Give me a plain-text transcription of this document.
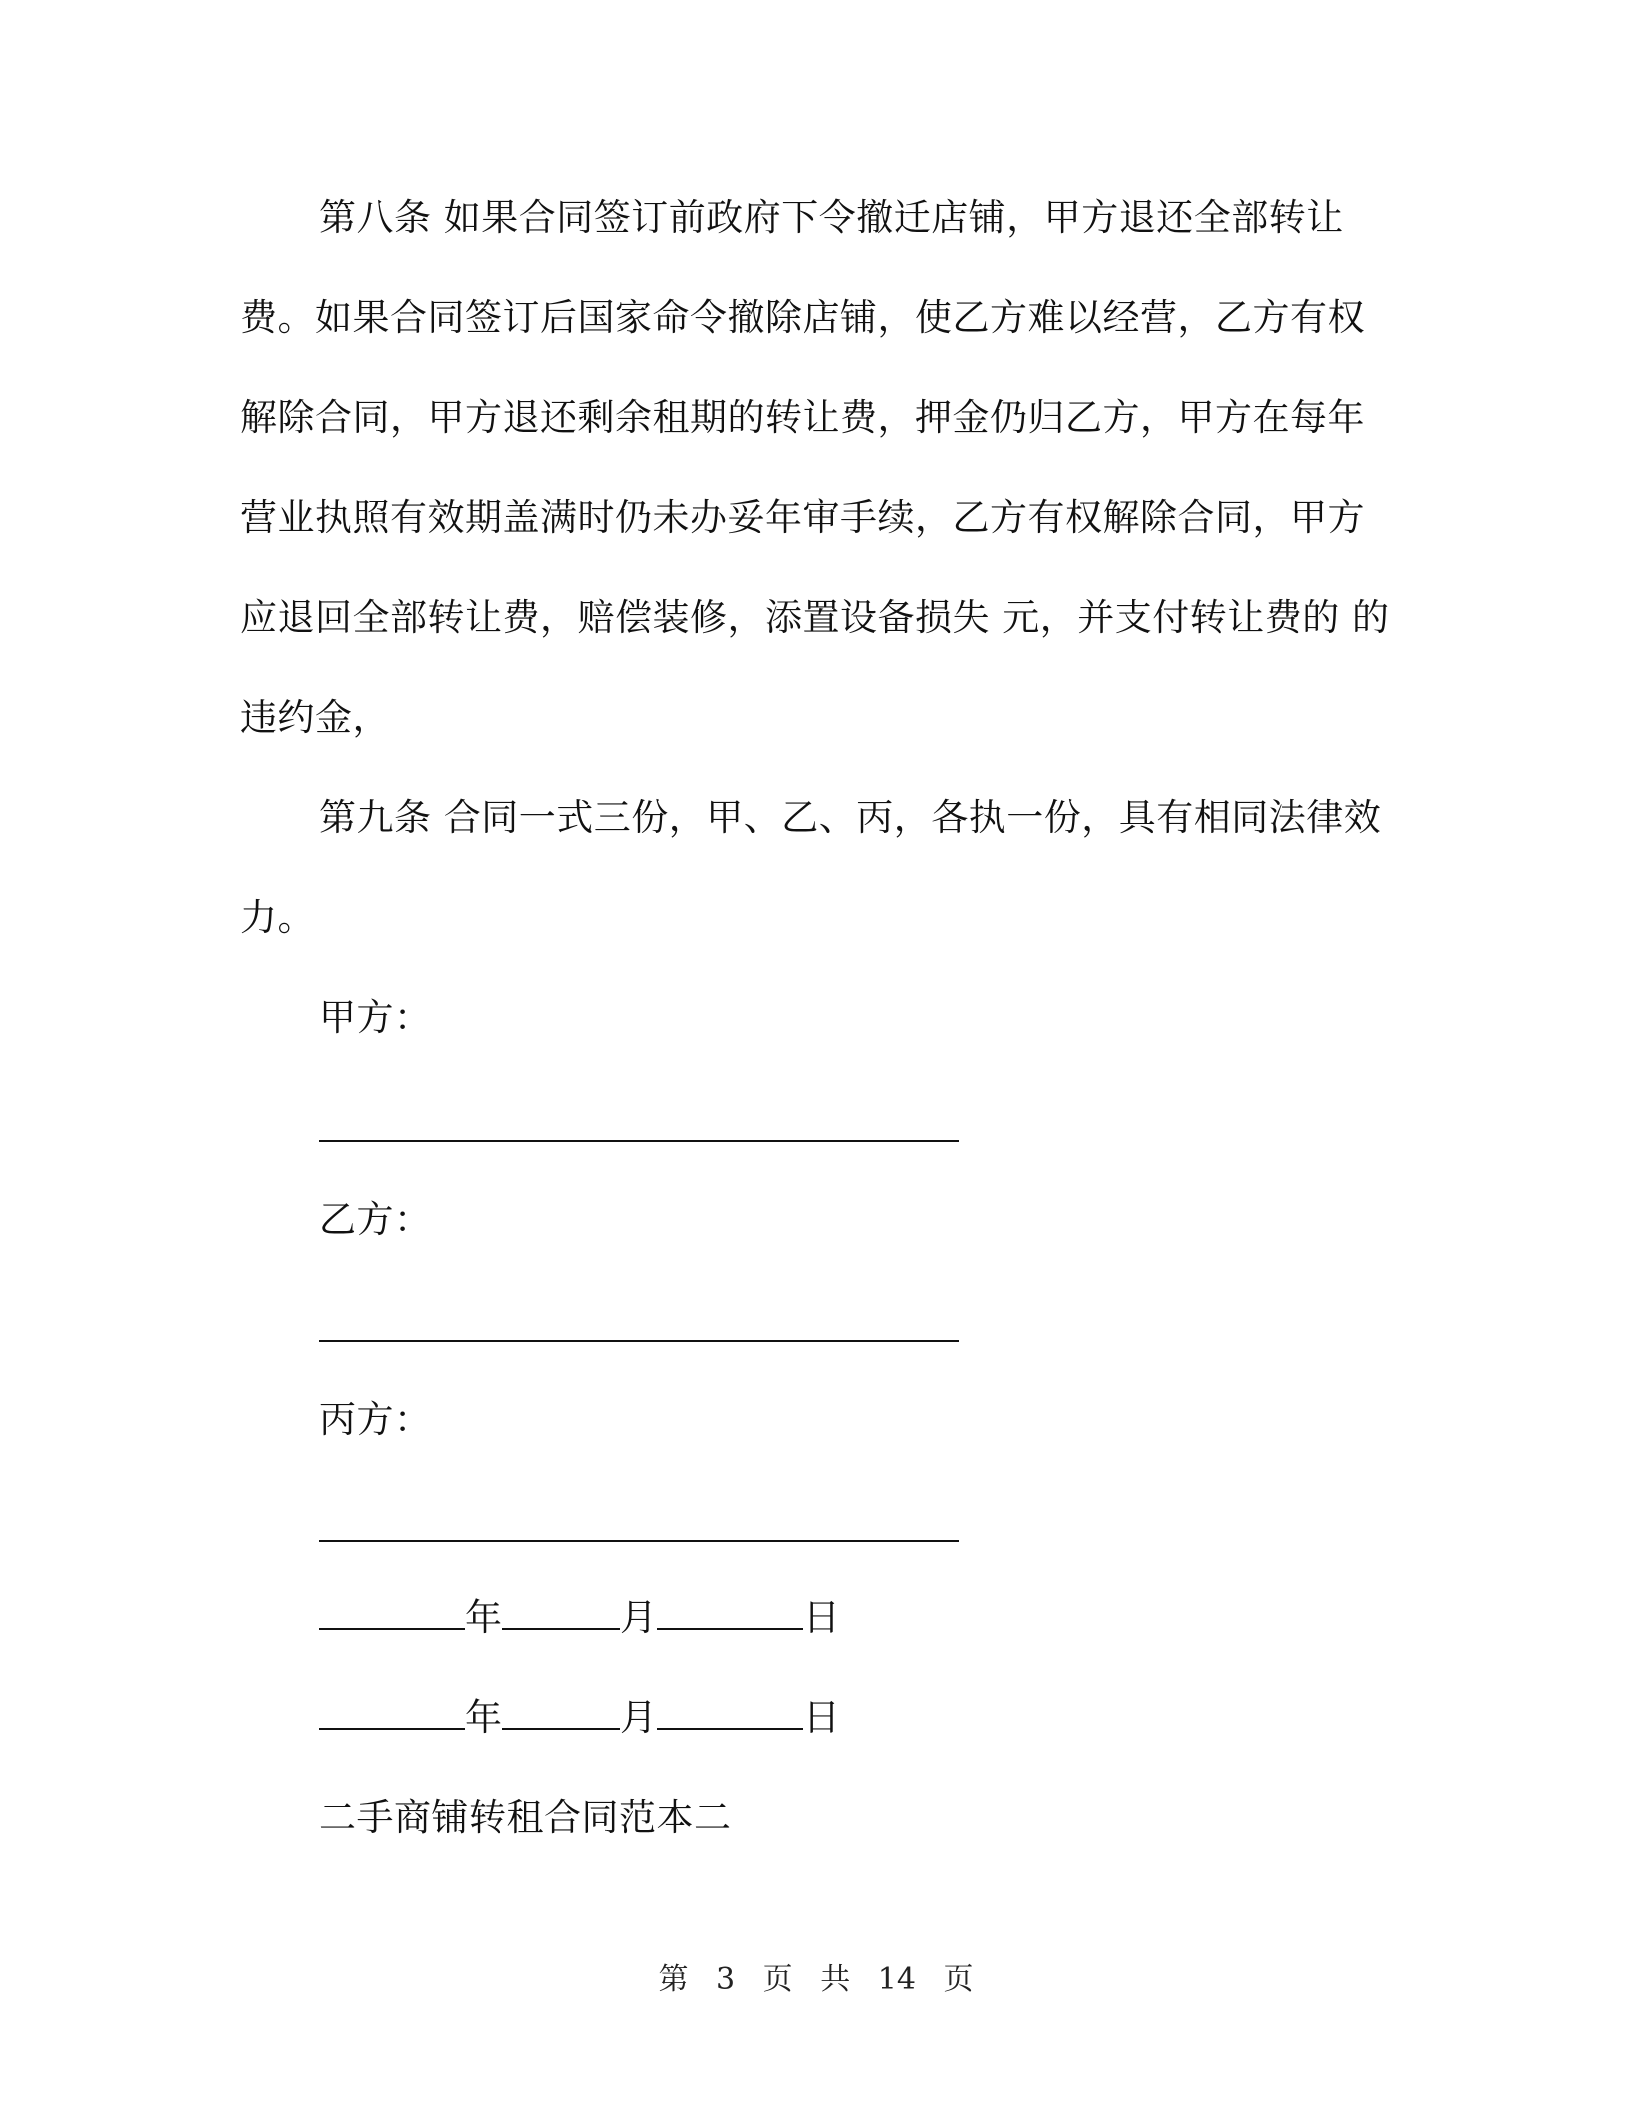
第八条 如果合同签订前政府下令撤迁店铺，甲方退还全部转让
费。如果合同签订后国家命令撤除店铺，使乙方难以经营，乙方有权
解除合同，甲方退还剩余租期的转让费，押金仍归乙方，甲方在每年
营业执照有效期盖满时仍未办妥年审手续，乙方有权解除合同，甲方
应退回全部转让费，赔偿装修，添置设备损失 元，并支付转让费的 的
违约金，
第九条 合同一式三份，甲、乙、丙，各执一份，具有相同法律效
力。
甲方：
乙方：
丙方：
年	月	日
年	月	日
二手商铺转租合同范本二
第 3 页 共 14 页
